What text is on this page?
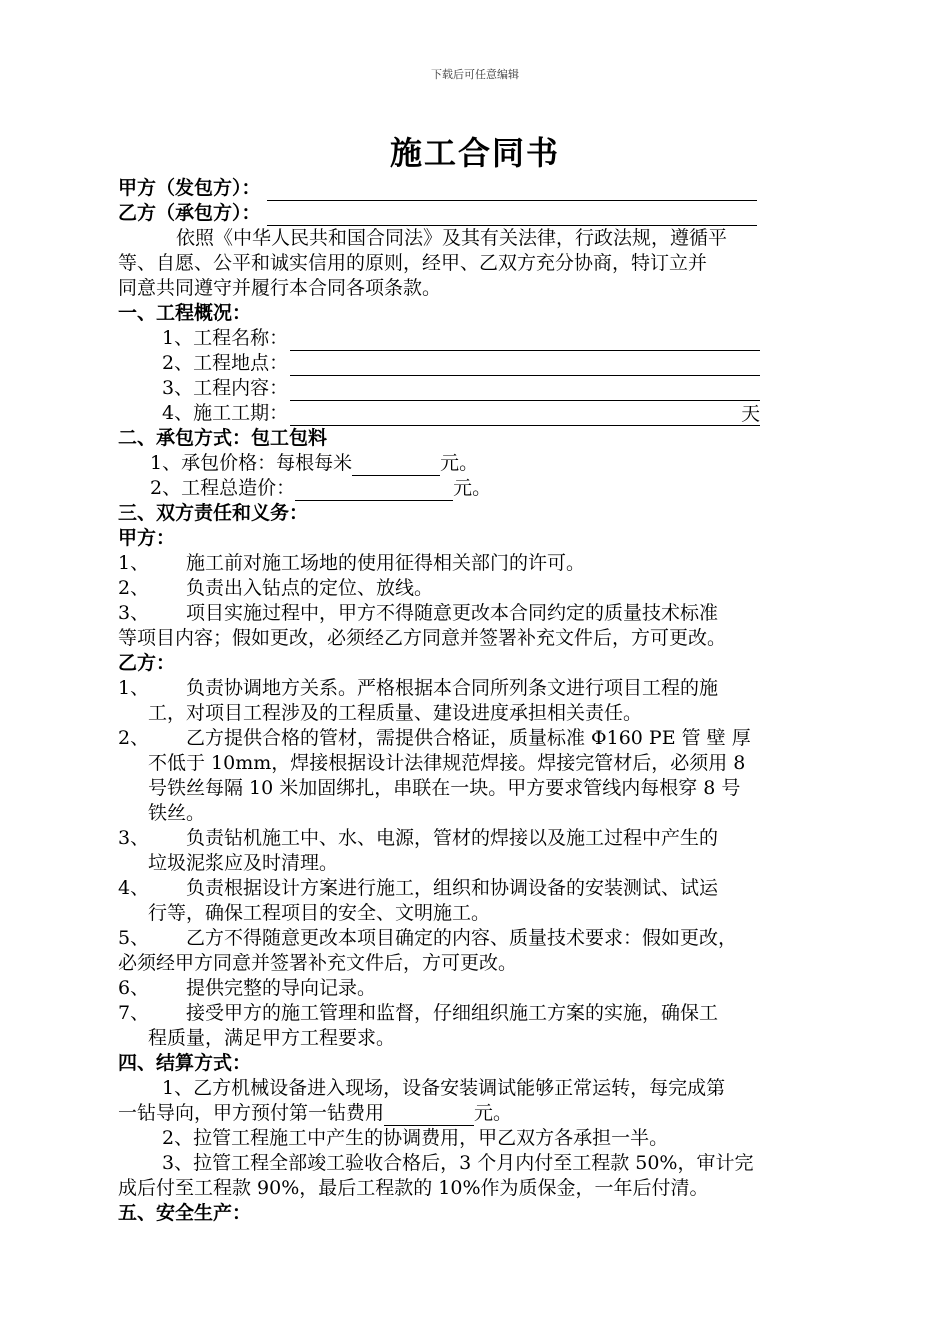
下载后可任意编辑
施工合同书
甲方（发包方）：
乙方（承包方）：
依照《中华人民共和国合同法》及其有关法律，行政法规，遵循平
等、自愿、公平和诚实信用的原则，经甲、乙双方充分协商，特订立并
同意共同遵守并履行本合同各项条款。
一、工程概况：
1、工程名称：
2、工程地点：
3、工程内容：
4、施工工期：	天
二、承包方式：包工包料
1、承包价格：每根每米	元。
2、工程总造价：	元。
三、双方责任和义务：
甲方：
1、	施工前对施工场地的使用征得相关部门的许可。
2、	负责出入钻点的定位、放线。
3、	项目实施过程中，甲方不得随意更改本合同约定的质量技术标准
等项目内容；假如更改，必须经乙方同意并签署补充文件后，方可更改。
乙方：
1、	负责协调地方关系。严格根据本合同所列条文进行项目工程的施
工，对项目工程涉及的工程质量、建设进度承担相关责任。
2、	乙方提供合格的管材，需提供合格证，质量标准 Φ160 PE 管 壁 厚
不低于 10mm，焊接根据设计法律规范焊接。焊接完管材后，必须用 8
号铁丝每隔 10 米加固绑扎，串联在一块。甲方要求管线内每根穿 8 号
铁丝。
3、	负责钻机施工中、水、电源，管材的焊接以及施工过程中产生的
垃圾泥浆应及时清理。
4、	负责根据设计方案进行施工，组织和协调设备的安装测试、试运
行等，确保工程项目的安全、文明施工。
5、	乙方不得随意更改本项目确定的内容、质量技术要求：假如更改，
必须经甲方同意并签署补充文件后，方可更改。
6、	提供完整的导向记录。
7、	接受甲方的施工管理和监督，仔细组织施工方案的实施，确保工
程质量，满足甲方工程要求。
四、结算方式：
1、乙方机械设备进入现场，设备安装调试能够正常运转，每完成第
一钻导向，甲方预付第一钻费用	元。
2、拉管工程施工中产生的协调费用，甲乙双方各承担一半。
3、拉管工程全部竣工验收合格后，3 个月内付至工程款 50%，审计完
成后付至工程款 90%，最后工程款的 10%作为质保金，一年后付清。
五、安全生产：
